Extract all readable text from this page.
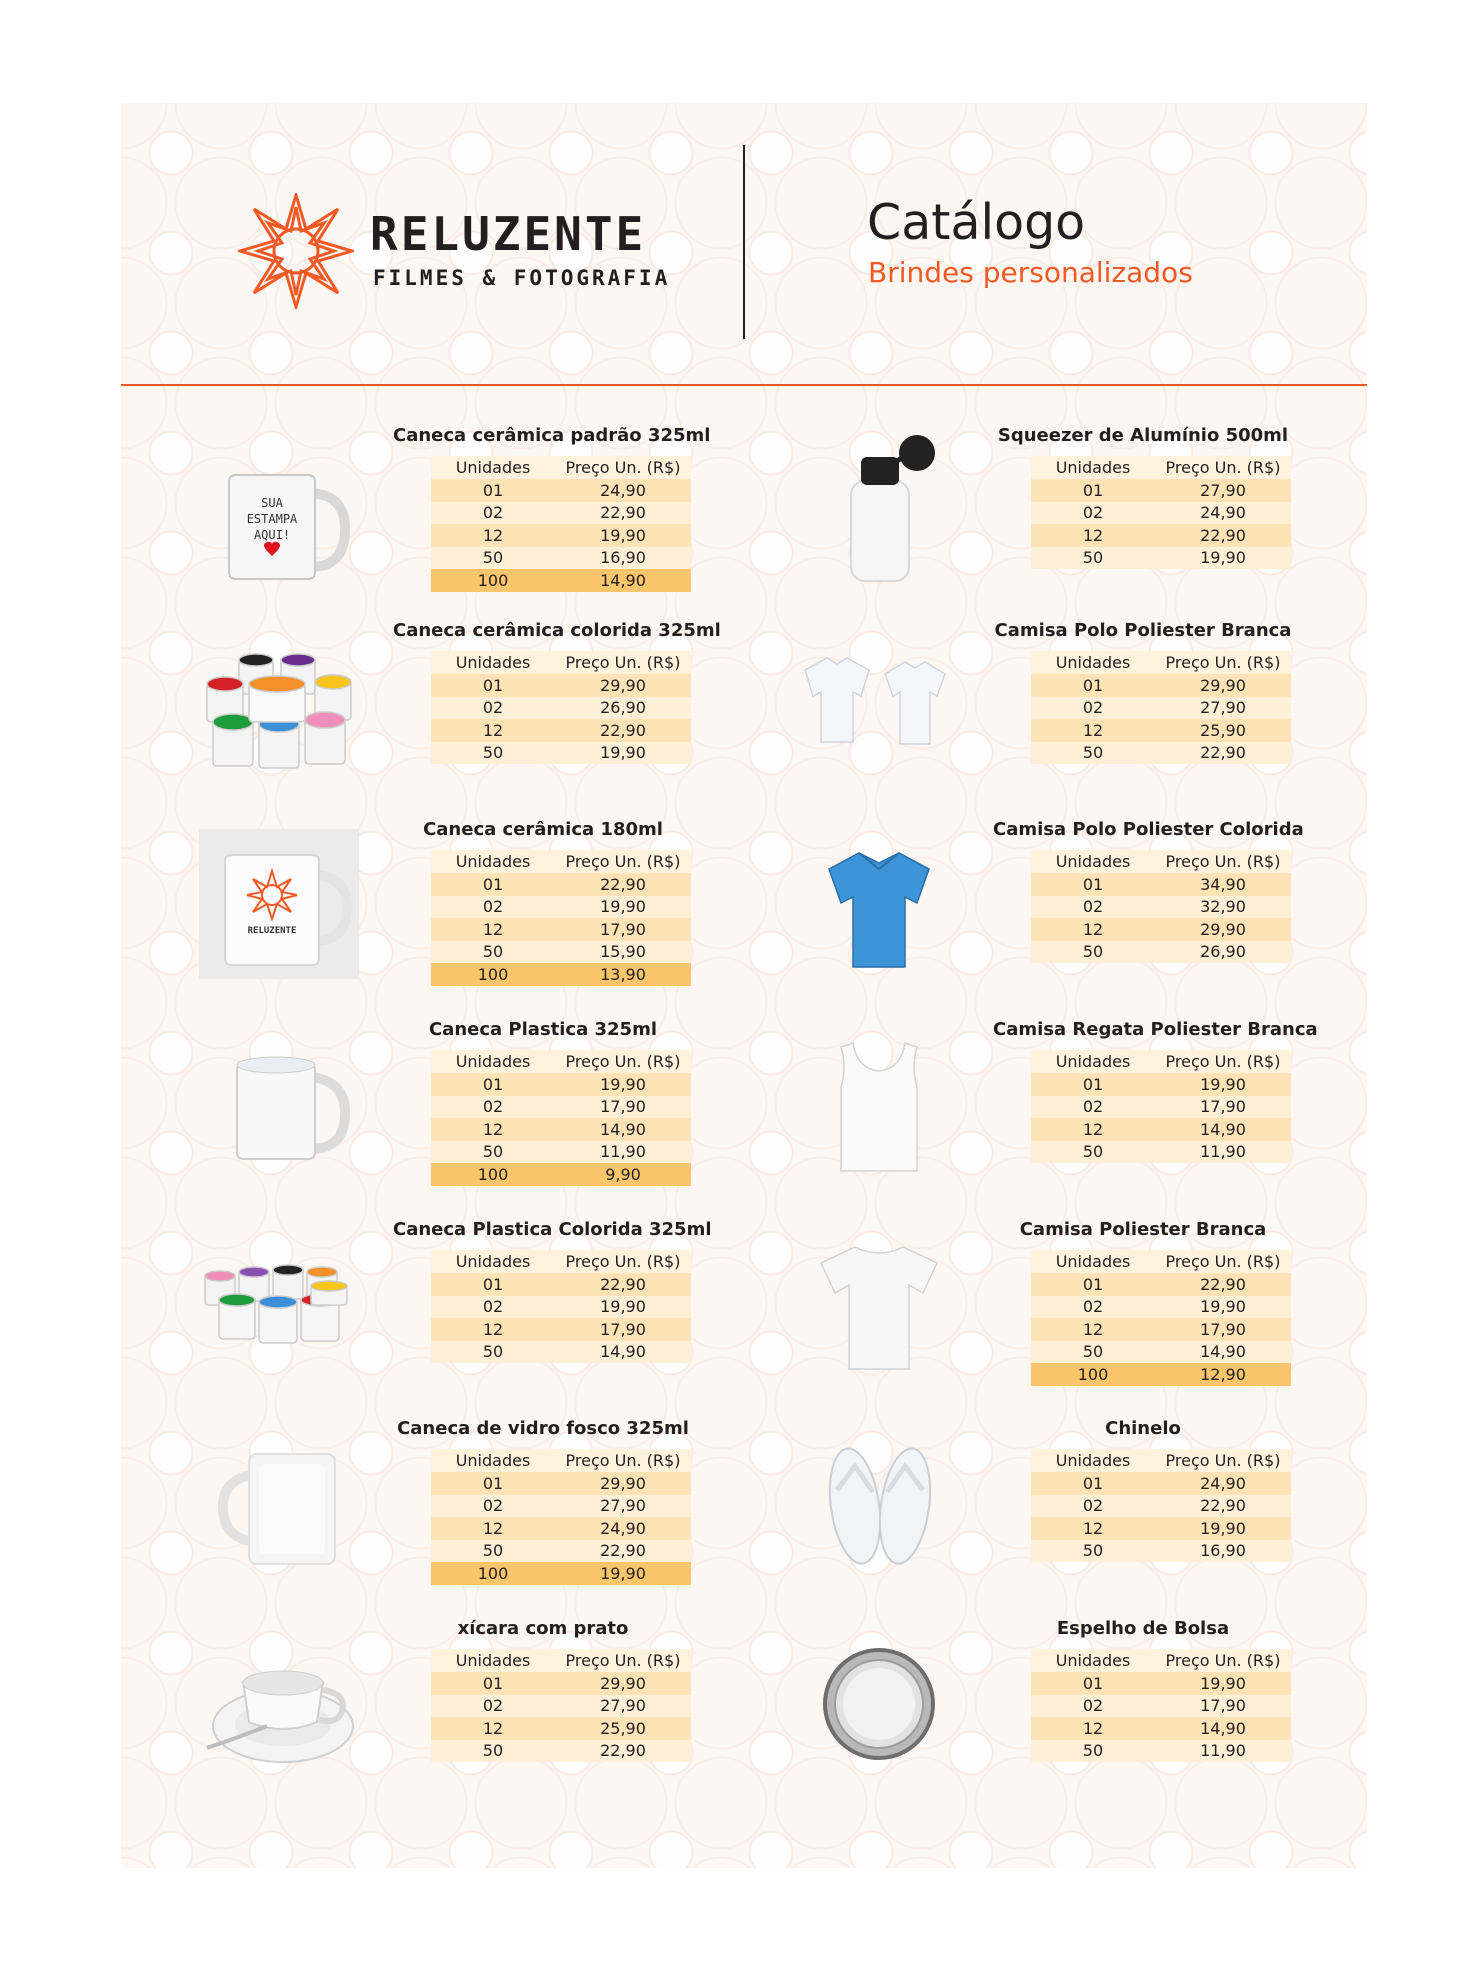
RELUZENTE
FILMES & FOTOGRAFIA
Catálogo
Brindes personalizados
SUA
ESTAMPA
AQUI!
Caneca cerâmica padrão 325ml
Unidades	Preço Un. (R$)
01	24,90
02	22,90
12	19,90
50	16,90
100	14,90
Caneca cerâmica colorida 325ml
Unidades	Preço Un. (R$)
01	29,90
02	26,90
12	22,90
50	19,90
RELUZENTE
Caneca cerâmica 180ml
Unidades	Preço Un. (R$)
01	22,90
02	19,90
12	17,90
50	15,90
100	13,90
Caneca Plastica 325ml
Unidades	Preço Un. (R$)
01	19,90
02	17,90
12	14,90
50	11,90
100	9,90
Caneca Plastica Colorida 325ml
Unidades	Preço Un. (R$)
01	22,90
02	19,90
12	17,90
50	14,90
Caneca de vidro fosco 325ml
Unidades	Preço Un. (R$)
01	29,90
02	27,90
12	24,90
50	22,90
100	19,90
xícara com prato
Unidades	Preço Un. (R$)
01	29,90
02	27,90
12	25,90
50	22,90
Squeezer de Alumínio 500ml
Unidades	Preço Un. (R$)
01	27,90
02	24,90
12	22,90
50	19,90
Camisa Polo Poliester Branca
Unidades	Preço Un. (R$)
01	29,90
02	27,90
12	25,90
50	22,90
Camisa Polo Poliester Colorida
Unidades	Preço Un. (R$)
01	34,90
02	32,90
12	29,90
50	26,90
Camisa Regata Poliester Branca
Unidades	Preço Un. (R$)
01	19,90
02	17,90
12	14,90
50	11,90
Camisa Poliester Branca
Unidades	Preço Un. (R$)
01	22,90
02	19,90
12	17,90
50	14,90
100	12,90
Chinelo
Unidades	Preço Un. (R$)
01	24,90
02	22,90
12	19,90
50	16,90
Espelho de Bolsa
Unidades	Preço Un. (R$)
01	19,90
02	17,90
12	14,90
50	11,90
